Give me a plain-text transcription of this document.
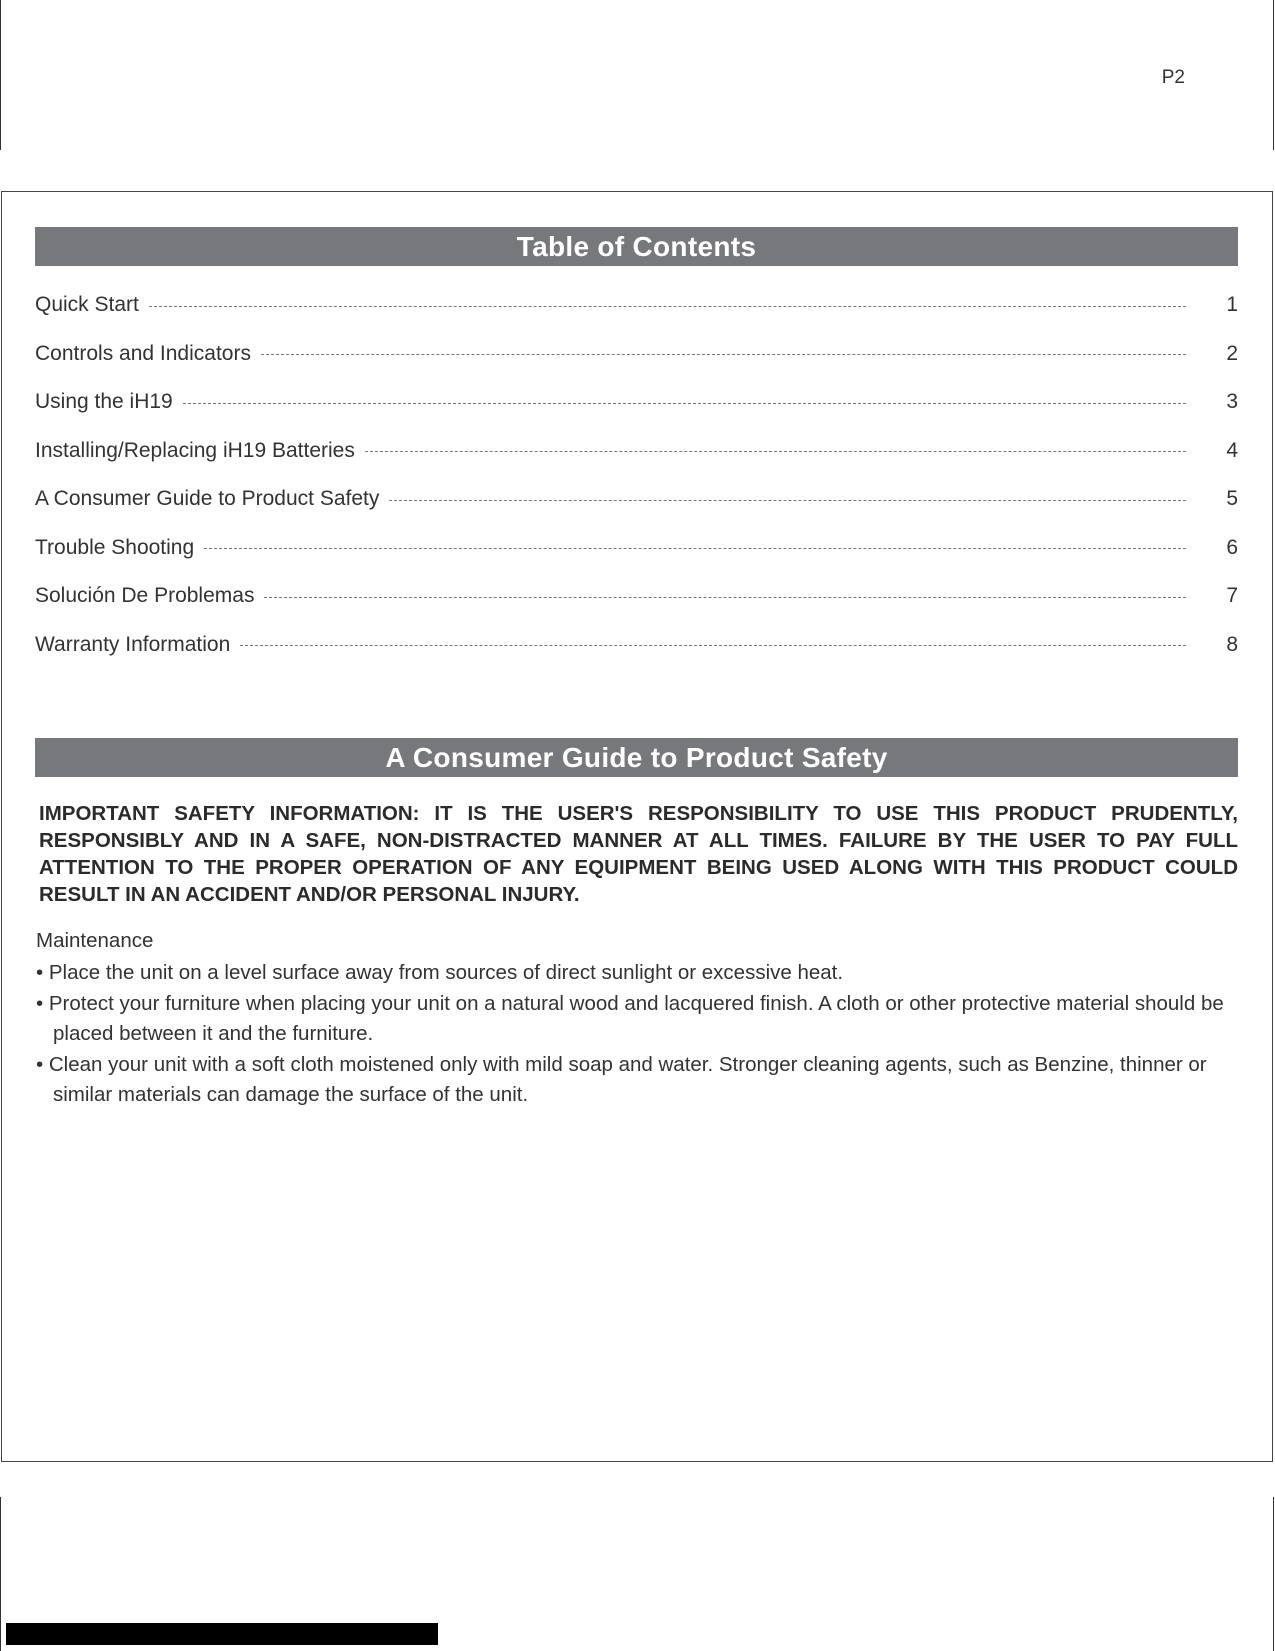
P2
Table of Contents
Quick Start	1
Controls and Indicators	2
Using the iH19	3
Installing/Replacing iH19 Batteries	4
A Consumer Guide to Product Safety	5
Trouble Shooting	6
Solución De Problemas	7
Warranty Information	8
A Consumer Guide to Product Safety

IMPORTANT SAFETY INFORMATION: IT IS THE USER'S RESPONSIBILITY TO USE THIS PRODUCT PRUDENTLY, RESPONSIBLY AND IN A SAFE, NON-DISTRACTED MANNER AT ALL TIMES. FAILURE BY THE USER TO PAY FULL ATTENTION TO THE PROPER OPERATION OF ANY EQUIPMENT BEING USED ALONG WITH THIS PRODUCT COULD RESULT IN AN ACCIDENT AND/OR PERSONAL INJURY.

Maintenance
• Place the unit on a level surface away from sources of direct sunlight or excessive heat.
• Protect your furniture when placing your unit on a natural wood and lacquered finish. A cloth or other protective material should be placed between it and the furniture.
• Clean your unit with a soft cloth moistened only with mild soap and water. Stronger cleaning agents, such as Benzine, thinner or similar materials can damage the surface of the unit.
